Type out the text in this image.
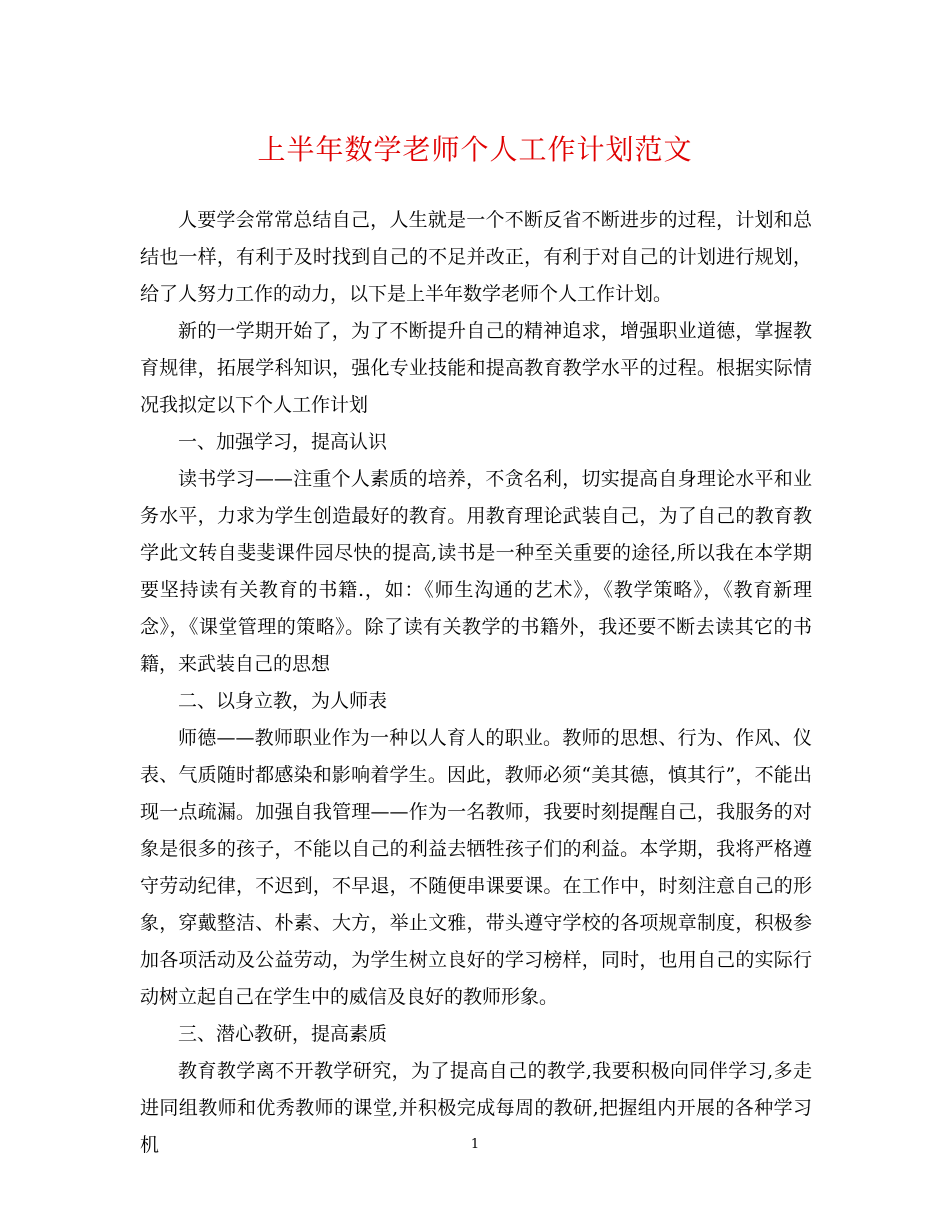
上半年数学老师个人工作计划范文

人要学会常常总结自己，人生就是一个不断反省不断进步的过程，计划和总结也一样，有利于及时找到自己的不足并改正，有利于对自己的计划进行规划，给了人努力工作的动力，以下是上半年数学老师个人工作计划。

新的一学期开始了，为了不断提升自己的精神追求，增强职业道德，掌握教育规律，拓展学科知识，强化专业技能和提高教育教学水平的过程。根据实际情况我拟定以下个人工作计划

一、加强学习，提高认识

读书学习——注重个人素质的培养，不贪名利，切实提高自身理论水平和业务水平，力求为学生创造最好的教育。用教育理论武装自己，为了自己的教育教学此文转自斐斐课件园尽快的提高,读书是一种至关重要的途径,所以我在本学期要坚持读有关教育的书籍.，如：《师生沟通的艺术》，《教学策略》，《教育新理念》，《课堂管理的策略》。除了读有关教学的书籍外，我还要不断去读其它的书籍，来武装自己的思想

二、以身立教，为人师表

师德——教师职业作为一种以人育人的职业。教师的思想、行为、作风、仪表、气质随时都感染和影响着学生。因此，教师必须“美其德，慎其行”，不能出现一点疏漏。加强自我管理——作为一名教师，我要时刻提醒自己，我服务的对象是很多的孩子，不能以自己的利益去牺牲孩子们的利益。本学期，我将严格遵守劳动纪律，不迟到，不早退，不随便串课要课。在工作中，时刻注意自己的形象，穿戴整洁、朴素、大方，举止文雅，带头遵守学校的各项规章制度，积极参加各项活动及公益劳动，为学生树立良好的学习榜样，同时，也用自己的实际行动树立起自己在学生中的威信及良好的教师形象。

三、潜心教研，提高素质

教育教学离不开教学研究，为了提高自己的教学,我要积极向同伴学习,多走进同组教师和优秀教师的课堂,并积极完成每周的教研,把握组内开展的各种学习机	1
